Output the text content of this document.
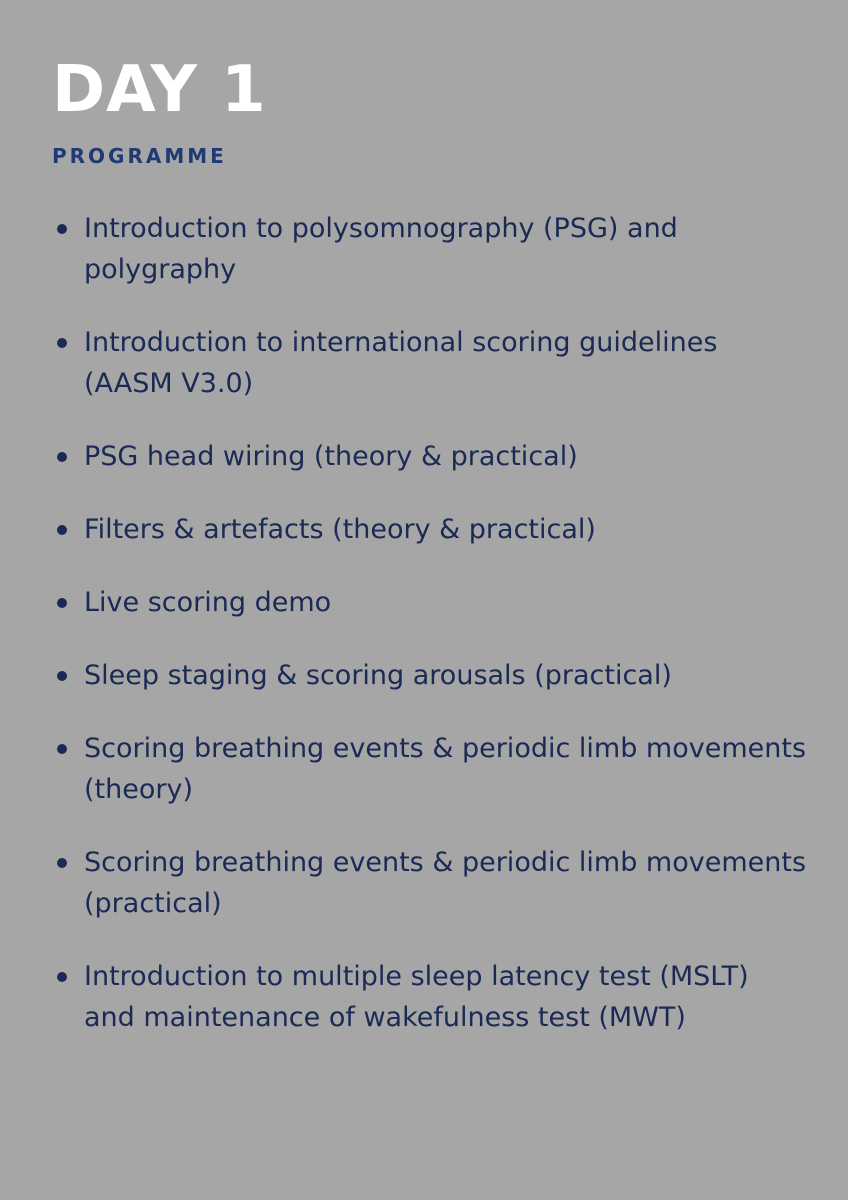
DAY 1
PROGRAMME
Introduction to polysomnography (PSG) and polygraphy
Introduction to international scoring guidelines (AASM V3.0)
PSG head wiring (theory & practical)
Filters & artefacts (theory & practical)
Live scoring demo
Sleep staging & scoring arousals (practical)
Scoring breathing events & periodic limb movements (theory)
Scoring breathing events & periodic limb movements (practical)
Introduction to multiple sleep latency test (MSLT) and maintenance of wakefulness test (MWT)
